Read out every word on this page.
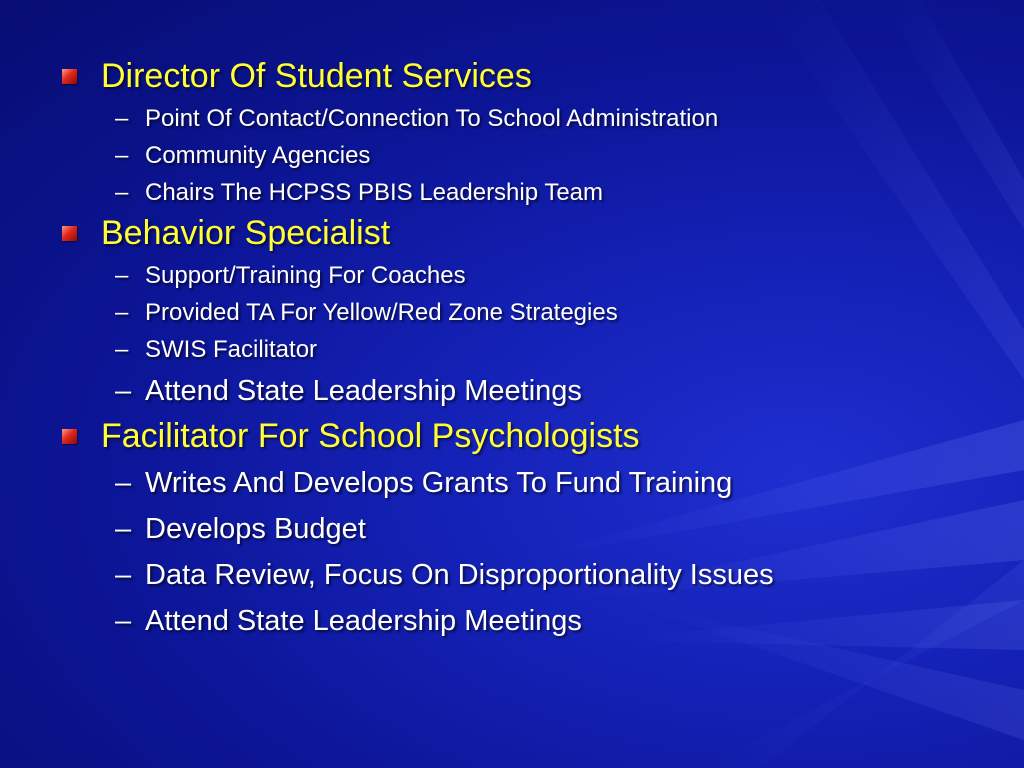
Director Of Student Services
– Point Of Contact/Connection To School Administration
– Community Agencies
– Chairs The HCPSS PBIS Leadership Team
Behavior Specialist
– Support/Training For Coaches
– Provided TA For Yellow/Red Zone Strategies
– SWIS Facilitator
– Attend State Leadership Meetings
Facilitator For School Psychologists
– Writes And Develops Grants To Fund Training
– Develops Budget
– Data Review, Focus On Disproportionality Issues
– Attend State Leadership Meetings
